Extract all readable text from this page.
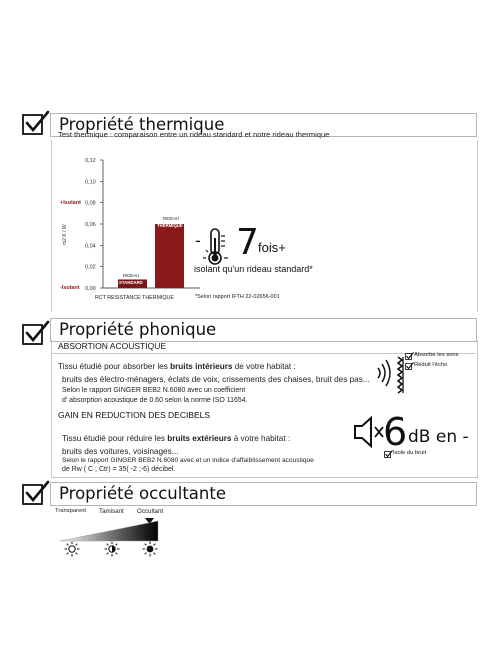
Propriété thermique
Test thermique : comparaison entre un rideau standard et notre rideau thermique
0,12
0,10
0,08
0,06
0,04
0,02
0,00
+Isolant
-Isolant
m2 K / W
RCT RESISTANCE THERMIQUE
RIDEAU
STANDARD
RIDEAU
THERMIQUE
- 7 fois+
isolant qu'un rideau standard*
*Selon rapport IFTH 22-02656-001
Propriété phonique
ABSORTION ACOUSTIQUE
Tissu étudié pour absorber les bruits intérieurs de votre habitat :
bruits des électro-ménagers, éclats de voix, crissements des chaises, bruit des pas...
Selon le rapport GINGER BEB2 N.6080 avec un coefficient
d' absorption acoustique de 0.60 selon la norme ISO 11654.
Absorbe les sons
Réduit l'écho
GAIN EN REDUCTION DES DECIBELS
Tissu étudié pour réduire les bruits extérieurs à votre habitat :
bruits des voitures, voisinages...
Selon le rapport GINGER BEB2 N.6080 avec et un indice d'affaiblissement acoustique
de Rw ( C ; Ctr) = 35( -2 ;-6) décibel.
6 dB en -
Isole du bruit
Propriété occultante
Transparent Tamisant Occultant
